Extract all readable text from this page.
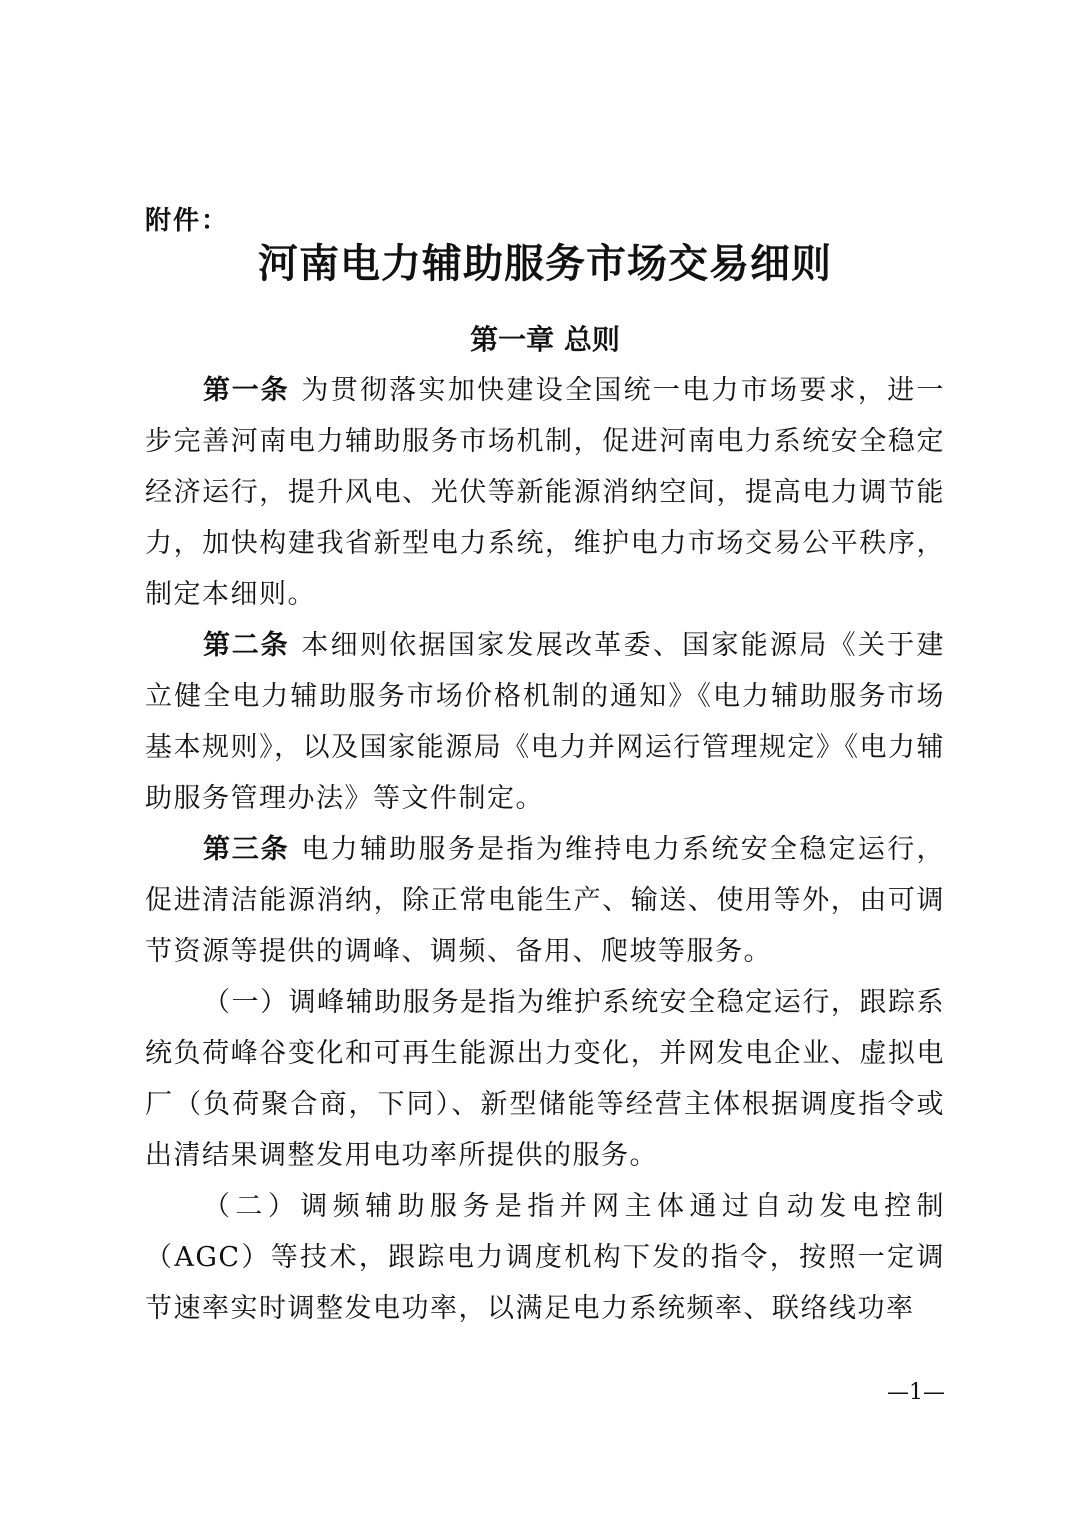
附件：
河南电力辅助服务市场交易细则
第一章 总则

第一条 为贯彻落实加快建设全国统一电力市场要求，进一步完善河南电力辅助服务市场机制，促进河南电力系统安全稳定经济运行，提升风电、光伏等新能源消纳空间，提高电力调节能力，加快构建我省新型电力系统，维护电力市场交易公平秩序，制定本细则。

第二条 本细则依据国家发展改革委、国家能源局《关于建立健全电力辅助服务市场价格机制的通知》《电力辅助服务市场基本规则》，以及国家能源局《电力并网运行管理规定》《电力辅助服务管理办法》等文件制定。

第三条 电力辅助服务是指为维持电力系统安全稳定运行，促进清洁能源消纳，除正常电能生产、输送、使用等外，由可调节资源等提供的调峰、调频、备用、爬坡等服务。

（一）调峰辅助服务是指为维护系统安全稳定运行，跟踪系统负荷峰谷变化和可再生能源出力变化，并网发电企业、虚拟电厂（负荷聚合商，下同）、新型储能等经营主体根据调度指令或出清结果调整发用电功率所提供的服务。

（二）调频辅助服务是指并网主体通过自动发电控制（AGC）等技术，跟踪电力调度机构下发的指令，按照一定调节速率实时调整发电功率，以满足电力系统频率、联络线功率

—1—
